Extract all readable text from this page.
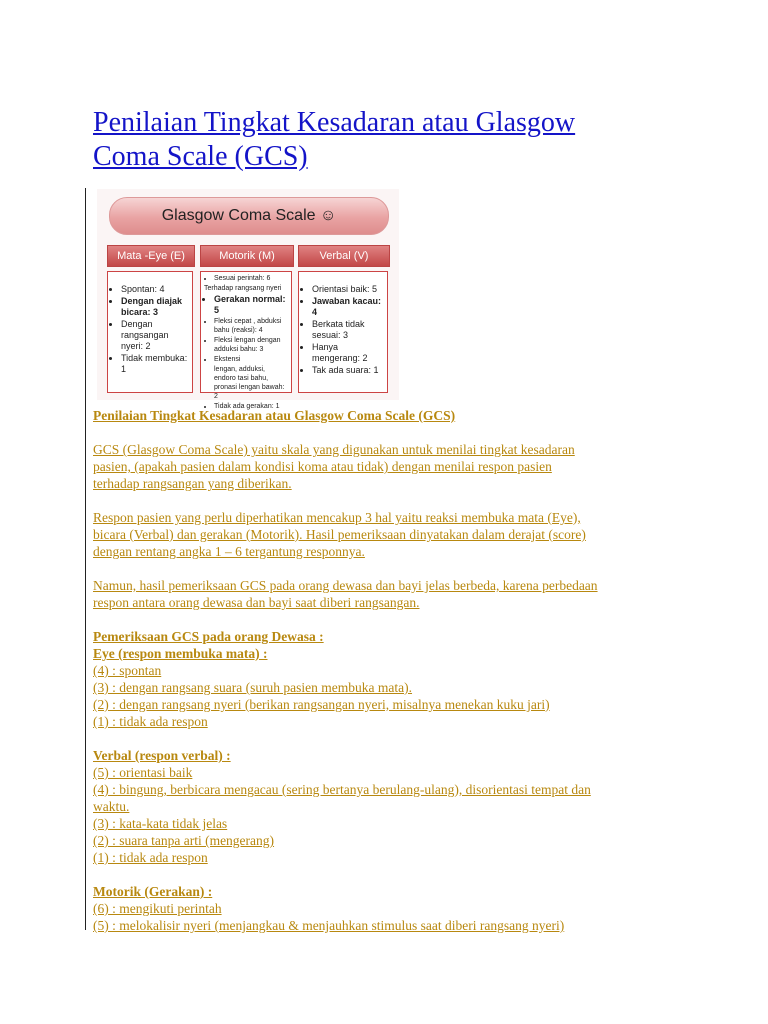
Penilaian Tingkat Kesadaran atau Glasgow
Coma Scale (GCS)
Glasgow Coma Scale ☺
Mata -Eye (E)	Motorik (M)	Verbal (V)
• Spontan: 4
• Dengan diajak bicara: 3
• Dengan rangsangan nyeri: 2
• Tidak membuka: 1
• Sesuai perintah: 6
Terhadap rangsang nyeri
• Gerakan normal: 5
• Fleksi cepat , abduksi bahu (reaksi): 4
• Fleksi lengan dengan adduksi bahu: 3
• Ekstensi
lengan, adduksi, endoro tasi bahu, pronasi lengan bawah: 2
• Tidak ada gerakan: 1
• Orientasi baik: 5
• Jawaban kacau: 4
• Berkata tidak sesuai: 3
• Hanya mengerang: 2
• Tak ada suara: 1
Penilaian Tingkat Kesadaran atau Glasgow Coma Scale (GCS)
GCS (Glasgow Coma Scale) yaitu skala yang digunakan untuk menilai tingkat kesadaran
pasien, (apakah pasien dalam kondisi koma atau tidak) dengan menilai respon pasien
terhadap rangsangan yang diberikan.
Respon pasien yang perlu diperhatikan mencakup 3 hal yaitu reaksi membuka mata (Eye),
bicara (Verbal) dan gerakan (Motorik). Hasil pemeriksaan dinyatakan dalam derajat (score)
dengan rentang angka 1 – 6 tergantung responnya.
Namun, hasil pemeriksaan GCS pada orang dewasa dan bayi jelas berbeda, karena perbedaan
respon antara orang dewasa dan bayi saat diberi rangsangan.
Pemeriksaan GCS pada orang Dewasa :
Eye (respon membuka mata) :
(4) : spontan
(3) : dengan rangsang suara (suruh pasien membuka mata).
(2) : dengan rangsang nyeri (berikan rangsangan nyeri, misalnya menekan kuku jari)
(1) : tidak ada respon
Verbal (respon verbal) :
(5) : orientasi baik
(4) : bingung, berbicara mengacau (sering bertanya berulang-ulang), disorientasi tempat dan
waktu.
(3) : kata-kata tidak jelas
(2) : suara tanpa arti (mengerang)
(1) : tidak ada respon
Motorik (Gerakan) :
(6) : mengikuti perintah
(5) : melokalisir nyeri (menjangkau & menjauhkan stimulus saat diberi rangsang nyeri)
